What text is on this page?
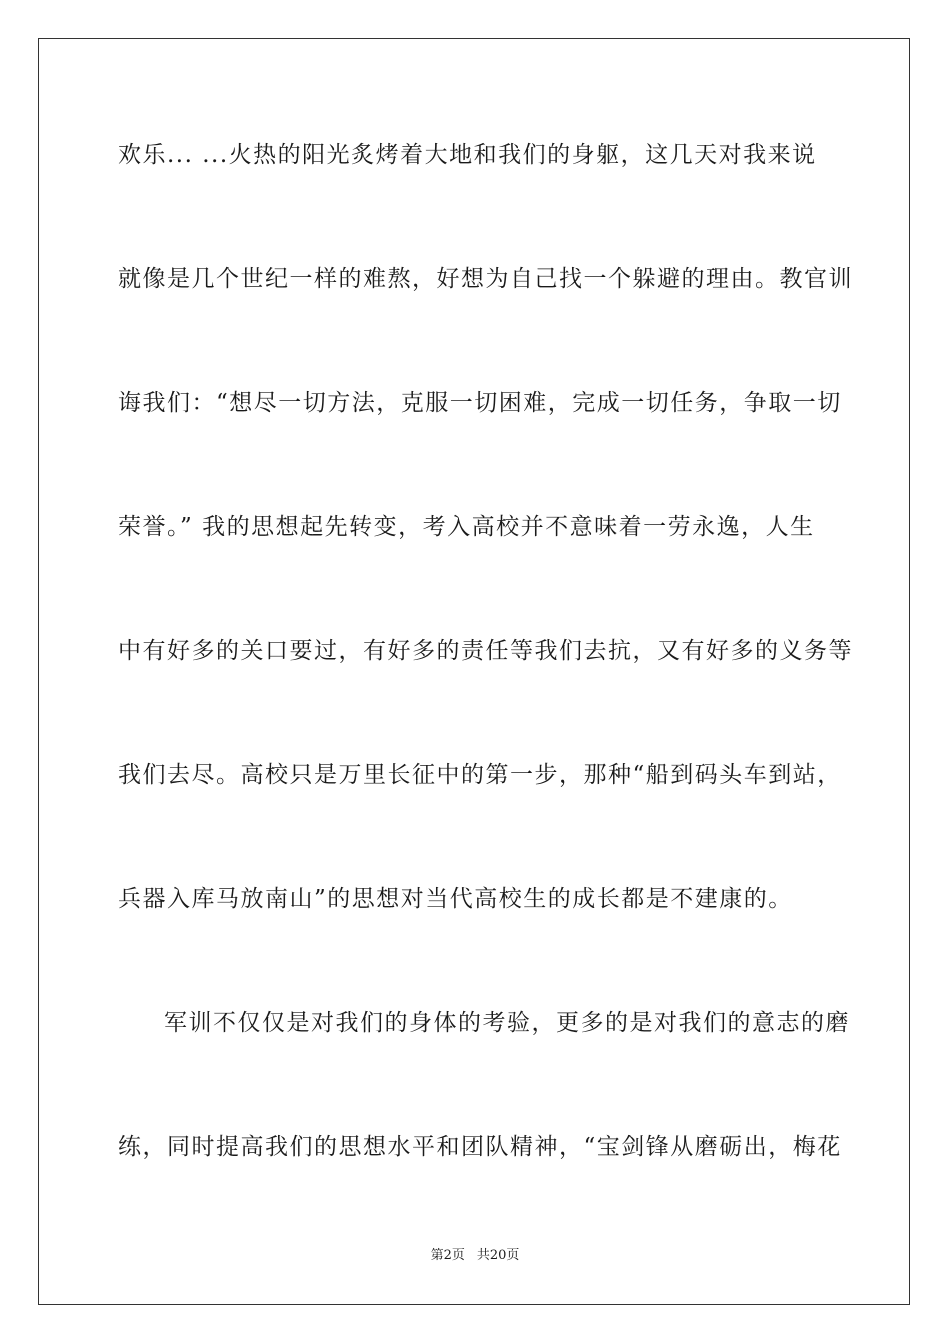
欢乐... ...火热的阳光炙烤着大地和我们的身躯，这几天对我来说
就像是几个世纪一样的难熬，好想为自己找一个躲避的理由。教官训
诲我们：“想尽一切方法，克服一切困难，完成一切任务，争取一切
荣誉。” 我的思想起先转变，考入高校并不意味着一劳永逸，人生
中有好多的关口要过，有好多的责任等我们去抗，又有好多的义务等
我们去尽。高校只是万里长征中的第一步，那种“船到码头车到站，
兵器入库马放南山”的思想对当代高校生的成长都是不建康的。
军训不仅仅是对我们的身体的考验，更多的是对我们的意志的磨
练，同时提高我们的思想水平和团队精神，“宝剑锋从磨砺出，梅花
第2页 共20页
